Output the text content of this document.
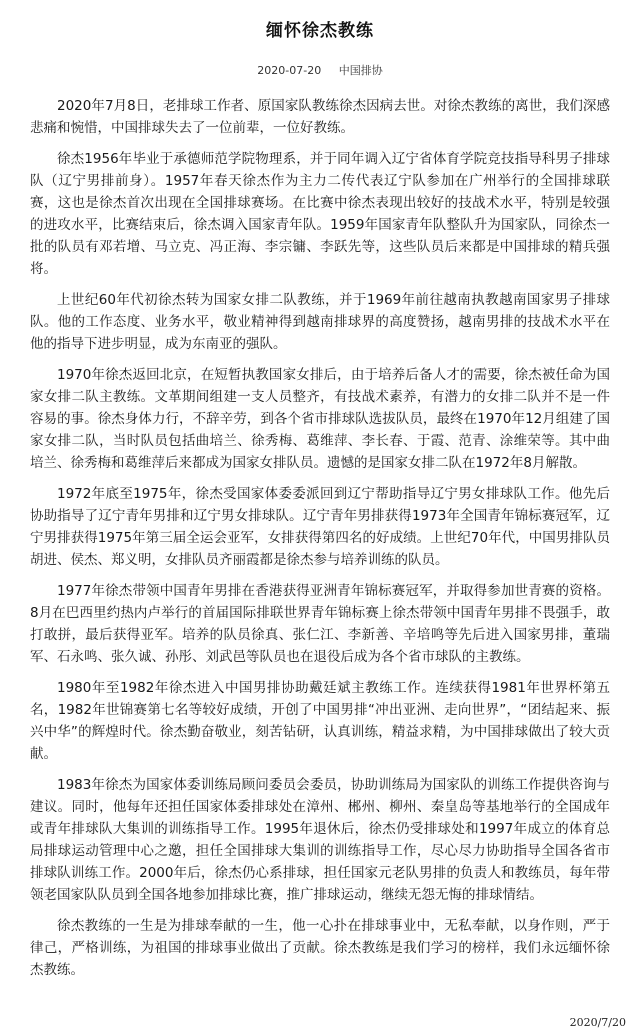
缅怀徐杰教练
2020-07-20 中国排协

2020年7月8日，老排球工作者、原国家队教练徐杰因病去世。对徐杰教练的离世，我们深感悲痛和惋惜，中国排球失去了一位前辈，一位好教练。

徐杰1956年毕业于承德师范学院物理系，并于同年调入辽宁省体育学院竞技指导科男子排球队（辽宁男排前身）。1957年春天徐杰作为主力二传代表辽宁队参加在广州举行的全国排球联赛，这也是徐杰首次出现在全国排球赛场。在比赛中徐杰表现出较好的技战术水平，特别是较强的进攻水平，比赛结束后，徐杰调入国家青年队。1959年国家青年队整队升为国家队，同徐杰一批的队员有邓若增、马立克、冯正海、李宗镛、李跃先等，这些队员后来都是中国排球的精兵强将。

上世纪60年代初徐杰转为国家女排二队教练，并于1969年前往越南执教越南国家男子排球队。他的工作态度、业务水平，敬业精神得到越南排球界的高度赞扬，越南男排的技战术水平在他的指导下进步明显，成为东南亚的强队。

1970年徐杰返回北京，在短暂执教国家女排后，由于培养后备人才的需要，徐杰被任命为国家女排二队主教练。文革期间组建一支人员整齐，有技战术素养，有潜力的女排二队并不是一件容易的事。徐杰身体力行，不辞辛劳，到各个省市排球队选拔队员，最终在1970年12月组建了国家女排二队，当时队员包括曲培兰、徐秀梅、葛维萍、李长春、于霞、范青、涂维荣等。其中曲培兰、徐秀梅和葛维萍后来都成为国家女排队员。遗憾的是国家女排二队在1972年8月解散。

1972年底至1975年，徐杰受国家体委委派回到辽宁帮助指导辽宁男女排球队工作。他先后协助指导了辽宁青年男排和辽宁男女排球队。辽宁青年男排获得1973年全国青年锦标赛冠军，辽宁男排获得1975年第三届全运会亚军，女排获得第四名的好成绩。上世纪70年代，中国男排队员胡进、侯杰、郑义明，女排队员齐丽霞都是徐杰参与培养训练的队员。

1977年徐杰带领中国青年男排在香港获得亚洲青年锦标赛冠军，并取得参加世青赛的资格。8月在巴西里约热内卢举行的首届国际排联世界青年锦标赛上徐杰带领中国青年男排不畏强手，敢打敢拼，最后获得亚军。培养的队员徐真、张仁江、李新善、辛培鸣等先后进入国家男排，董瑞军、石永鸣、张久诚、孙彤、刘武邑等队员也在退役后成为各个省市球队的主教练。

1980年至1982年徐杰进入中国男排协助戴廷斌主教练工作。连续获得1981年世界杯第五名，1982年世锦赛第七名等较好成绩，开创了中国男排“冲出亚洲、走向世界”，“团结起来、振兴中华”的辉煌时代。徐杰勤奋敬业，刻苦钻研，认真训练，精益求精，为中国排球做出了较大贡献。

1983年徐杰为国家体委训练局顾问委员会委员，协助训练局为国家队的训练工作提供咨询与建议。同时，他每年还担任国家体委排球处在漳州、郴州、柳州、秦皇岛等基地举行的全国成年或青年排球队大集训的训练指导工作。1995年退休后，徐杰仍受排球处和1997年成立的体育总局排球运动管理中心之邀，担任全国排球大集训的训练指导工作，尽心尽力协助指导全国各省市排球队训练工作。2000年后，徐杰仍心系排球，担任国家元老队男排的负责人和教练员，每年带领老国家队队员到全国各地参加排球比赛，推广排球运动，继续无怨无悔的排球情结。

徐杰教练的一生是为排球奉献的一生，他一心扑在排球事业中，无私奉献，以身作则，严于律己，严格训练，为祖国的排球事业做出了贡献。徐杰教练是我们学习的榜样，我们永远缅怀徐杰教练。

2020/7/20
